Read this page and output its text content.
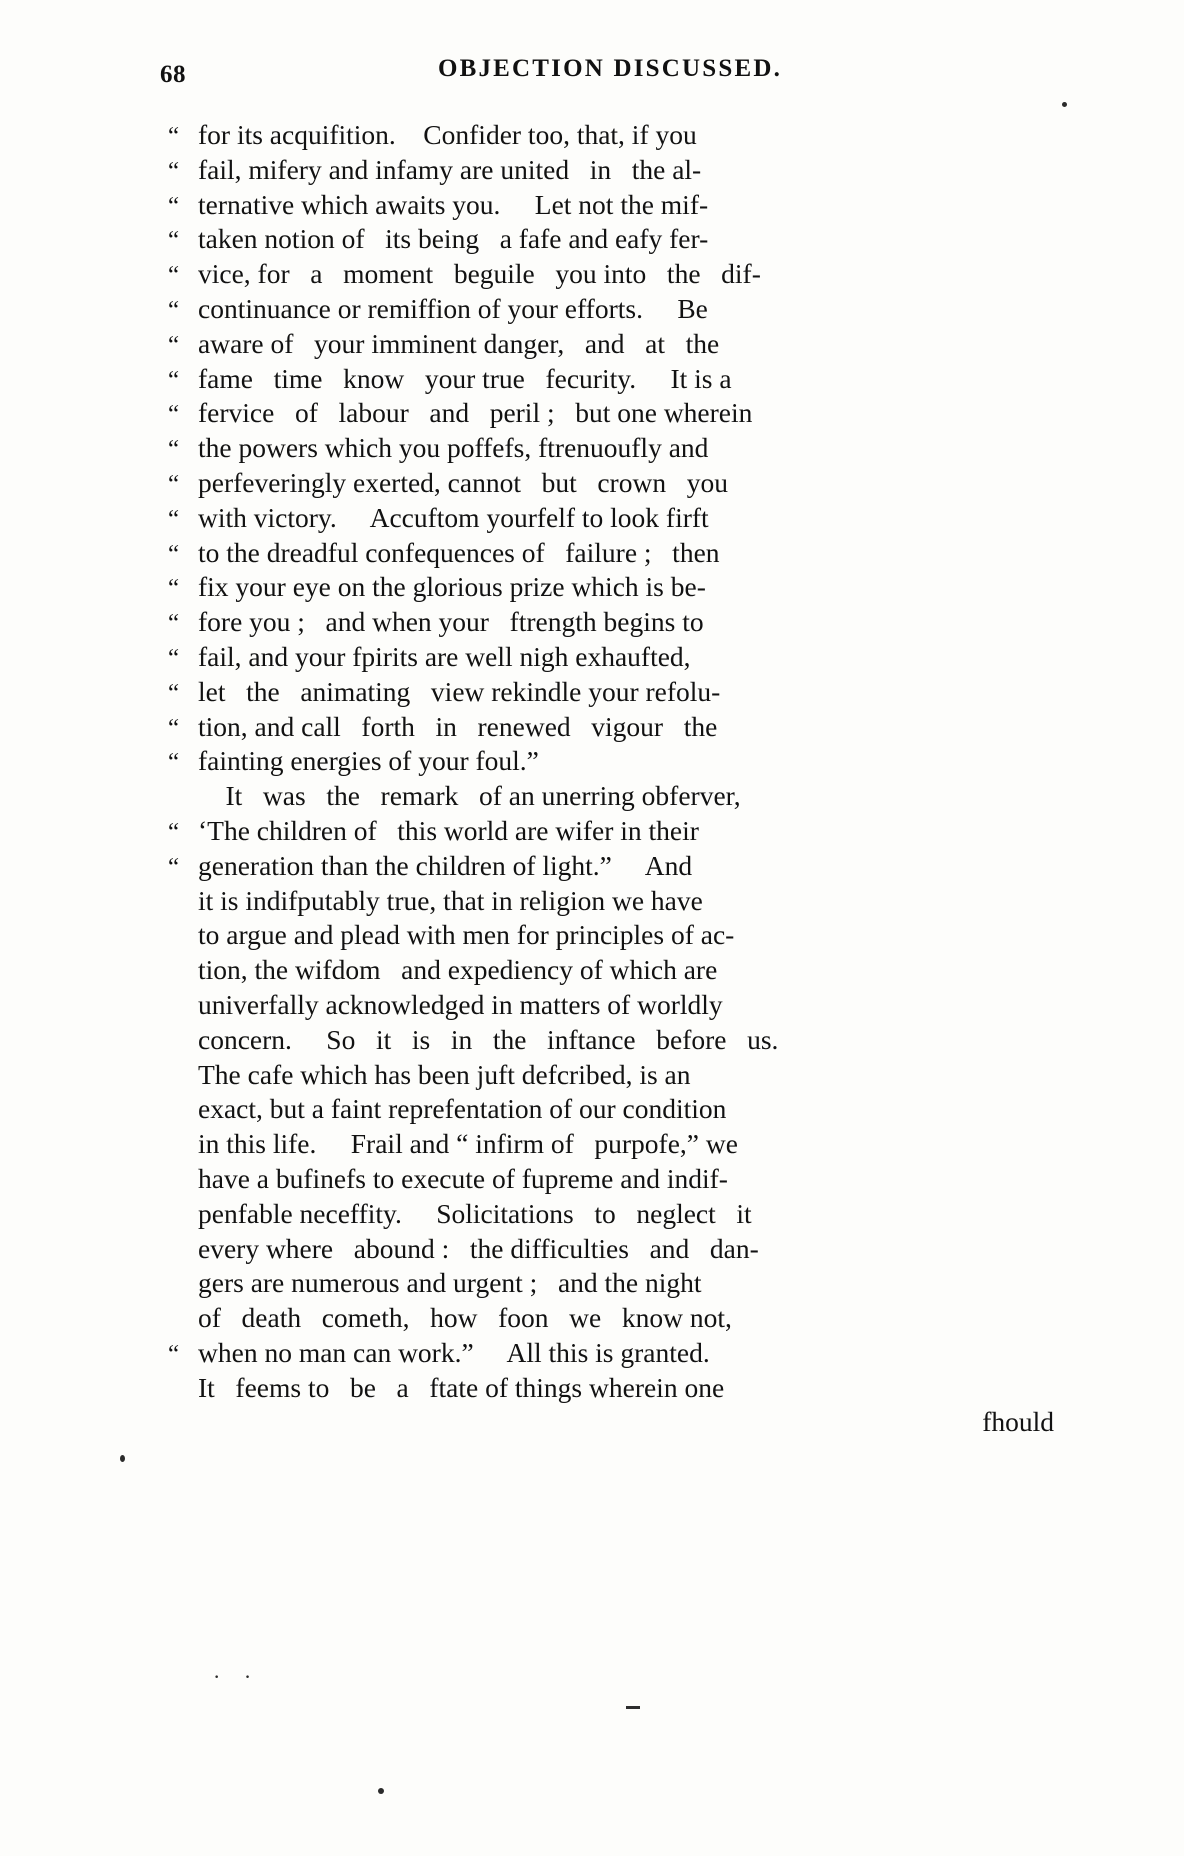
68	OBJECTION DISCUSSED.
“ for its acquifition. Confider too, that, if you
“ fail, mifery and infamy are united  in  the al-
“ ternative which awaits you.  Let not the mif-
“ taken notion of  its being  a fafe and eafy fer-
“ vice, for  a  moment  beguile  you into  the  dif-
“ continuance or remiffion of your efforts.  Be
“ aware of  your imminent danger,  and  at  the
“ fame  time  know  your true  fecurity.  It is a
“ fervice  of  labour  and  peril ;  but one wherein
“ the powers which you poffefs, ftrenuoufly and
“ perfeveringly exerted, cannot  but  crown  you
“ with victory.  Accuftom yourfelf to look firft
“ to the dreadful confequences of  failure ;  then
“ fix your eye on the glorious prize which is be-
“ fore you ;  and when your  ftrength begins to
“ fail, and your fpirits are well nigh exhaufted,
“ let  the  animating  view rekindle your refolu-
“ tion, and call  forth  in  renewed  vigour  the
“ fainting energies of your foul.”
 It  was  the  remark  of an unerring obferver,
“ ‘The children of  this world are wifer in their
“ generation than the children of light.”  And
it is indifputably true, that in religion we have
to argue and plead with men for principles of ac-
tion, the wifdom  and expediency of which are
univerfally acknowledged in matters of worldly
concern.  So  it  is  in  the  inftance  before  us.
The cafe which has been juft defcribed, is an
exact, but a faint reprefentation of our condition
in this life.  Frail and “ infirm of  purpofe,” we
have a bufinefs to execute of fupreme and indif-
penfable neceffity.  Solicitations  to  neglect  it
every where  abound :  the difficulties  and  dan-
gers are numerous and urgent ;  and the night
of  death  cometh,  how  foon  we  know not,
“ when no man can work.”  All this is granted.
It  feems to  be  a  ftate of things wherein one
fhould
· ·
